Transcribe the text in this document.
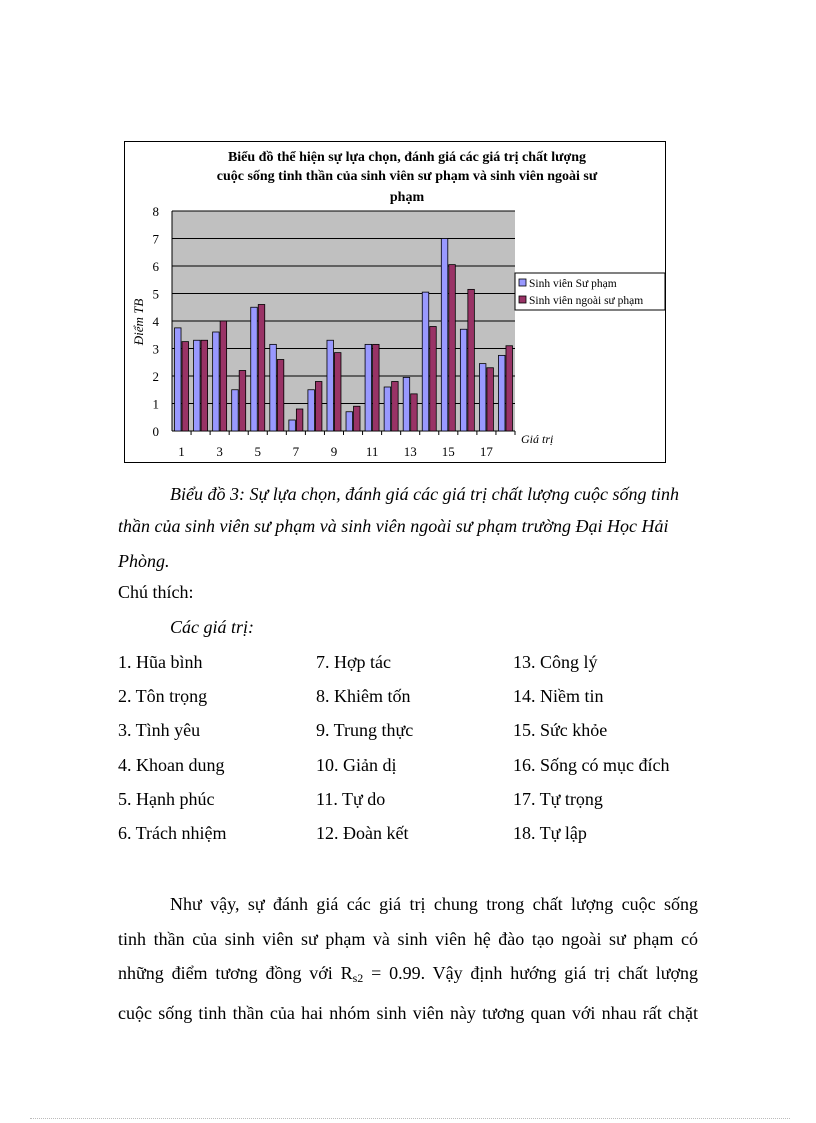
Biểu đồ thể hiện sự lựa chọn, đánh giá các giá trị chất lượng
cuộc sống tinh thần của sinh viên sư phạm và sinh viên ngoài sư
phạm
0
1
2
3
4
5
6
7
8
1 3 5 7 9 11 13 15 17
Điểm TB
Giá trị
Sinh viên Sư phạm
Sinh viên ngoài sư phạm

Biểu đồ 3: Sự lựa chọn, đánh giá các giá trị chất lượng cuộc sống tinh

thần của sinh viên sư phạm và sinh viên ngoài sư phạm trường Đại Học Hải
Phòng.
Chú thích:
Các giá trị:
1. Hũa bình
2. Tôn trọng
3. Tình yêu
4. Khoan dung
5. Hạnh phúc
6. Trách nhiệm
7. Hợp tác
8. Khiêm tốn
9. Trung thực
10. Giản dị
11. Tự do
12. Đoàn kết
13. Công lý
14. Niềm tin
15. Sức khỏe
16. Sống có mục đích
17. Tự trọng
18. Tự lập
Như vậy, sự đánh giá các giá trị chung trong chất lượng cuộc sống
tinh thần của sinh viên sư phạm và sinh viên hệ đào tạo ngoài sư phạm có
những điểm tương đồng với $R_{s2} = 0.99$. Vậy định hướng giá trị chất lượng
cuộc sống tinh thần của hai nhóm sinh viên này tương quan với nhau rất chặt
